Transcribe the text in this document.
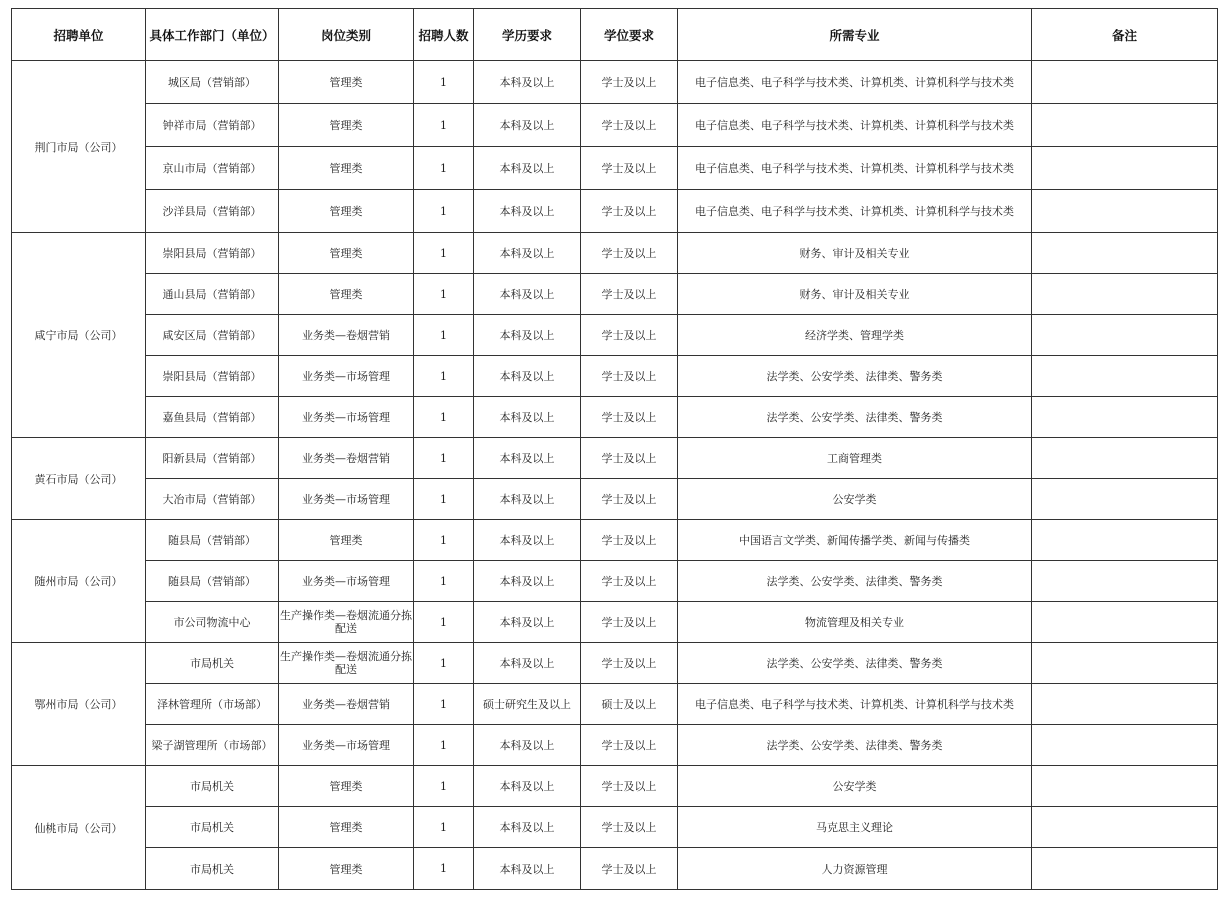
招聘单位	具体工作部门（单位）	岗位类别	招聘人数	学历要求	学位要求	所需专业	备注
荆门市局（公司）	城区局（营销部）	管理类	1	本科及以上	学士及以上	电子信息类、电子科学与技术类、计算机类、计算机科学与技术类	
	钟祥市局（营销部）	管理类	1	本科及以上	学士及以上	电子信息类、电子科学与技术类、计算机类、计算机科学与技术类	
	京山市局（营销部）	管理类	1	本科及以上	学士及以上	电子信息类、电子科学与技术类、计算机类、计算机科学与技术类	
	沙洋县局（营销部）	管理类	1	本科及以上	学士及以上	电子信息类、电子科学与技术类、计算机类、计算机科学与技术类	
咸宁市局（公司）	崇阳县局（营销部）	管理类	1	本科及以上	学士及以上	财务、审计及相关专业	
	通山县局（营销部）	管理类	1	本科及以上	学士及以上	财务、审计及相关专业	
	咸安区局（营销部）	业务类—卷烟营销	1	本科及以上	学士及以上	经济学类、管理学类	
	崇阳县局（营销部）	业务类—市场管理	1	本科及以上	学士及以上	法学类、公安学类、法律类、警务类	
	嘉鱼县局（营销部）	业务类—市场管理	1	本科及以上	学士及以上	法学类、公安学类、法律类、警务类	
黄石市局（公司）	阳新县局（营销部）	业务类—卷烟营销	1	本科及以上	学士及以上	工商管理类	
	大冶市局（营销部）	业务类—市场管理	1	本科及以上	学士及以上	公安学类	
随州市局（公司）	随县局（营销部）	管理类	1	本科及以上	学士及以上	中国语言文学类、新闻传播学类、新闻与传播类	
	随县局（营销部）	业务类—市场管理	1	本科及以上	学士及以上	法学类、公安学类、法律类、警务类	
	市公司物流中心	生产操作类—卷烟流通分拣配送	1	本科及以上	学士及以上	物流管理及相关专业	
鄂州市局（公司）	市局机关	生产操作类—卷烟流通分拣配送	1	本科及以上	学士及以上	法学类、公安学类、法律类、警务类	
	泽林管理所（市场部）	业务类—卷烟营销	1	硕士研究生及以上	硕士及以上	电子信息类、电子科学与技术类、计算机类、计算机科学与技术类	
	梁子湖管理所（市场部）	业务类—市场管理	1	本科及以上	学士及以上	法学类、公安学类、法律类、警务类	
仙桃市局（公司）	市局机关	管理类	1	本科及以上	学士及以上	公安学类	
	市局机关	管理类	1	本科及以上	学士及以上	马克思主义理论	
	市局机关	管理类	1	本科及以上	学士及以上	人力资源管理	
